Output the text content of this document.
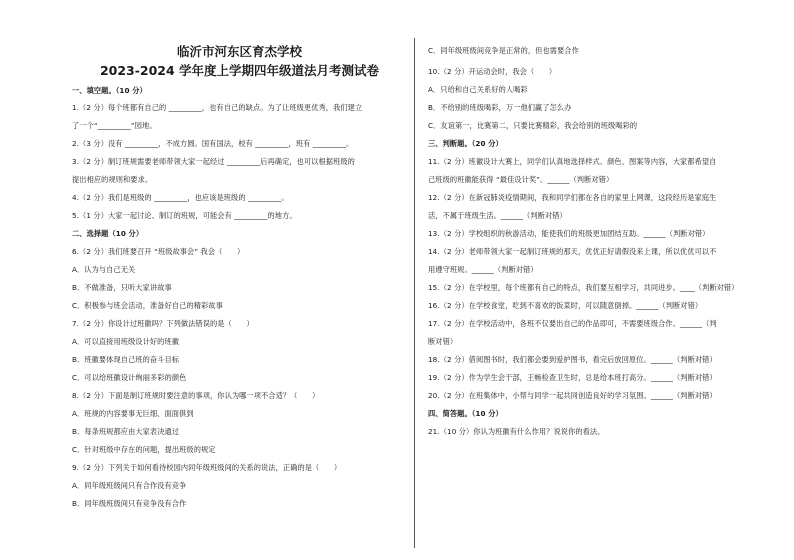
临沂市河东区育杰学校
2023-2024 学年度上学期四年级道法月考测试卷
一、填空题。（10 分）
1.（2 分）每个班都有自己的 _________，也有自己的缺点。为了让班级更优秀，我们建立
了一个“_________”园地。
2.（3 分）没有 _________，不成方圆。国有国法，校有 _________，班有 _________。
3.（2 分）制订班规需要老师带领大家一起经过 _________后再确定，也可以根据班级的
提出相应的规则和要求。
4.（2 分）我们是班级的 _________，也应该是班级的 _________。
5.（1 分）大家一起讨论、制订的班规，可能会有 _________的地方。
二、选择题（10 分）
6.（2 分）我们班要召开 “班级故事会” 我会（　　）
A．认为与自己无关
B．不做准备，只听大家讲故事
C．积极参与班会活动，准备好自己的精彩故事
7.（2 分）你设计过班徽吗？下列做法错误的是（　　）
A．可以直接用班级设计好的班徽
B．班徽要体现自己班的奋斗目标
C．可以给班徽设计绚丽多彩的颜色
8.（2 分）下面是制订班规时要注意的事项，你认为哪一项不合适？（　　）
A．班规的内容要事无巨细、面面俱到
B．每条班规都应由大家表决通过
C．针对班级中存在的问题，提出班级的规定
9.（2 分）下列关于如何看待校园内同年级班级间的关系的说法，正确的是（　　）
A．同年级班级间只有合作没有竞争
B．同年级班级间只有竞争没有合作
C．同年级班级间竞争是正常的，但也需要合作
10.（2 分）开运动会时，我会（　　）
A．只给和自己关系好的人喝彩
B．不给别的班级喝彩，万一他们赢了怎么办
C．友谊第一，比赛第二，只要比赛精彩，我会给别的班级喝彩的
三、判断题。（20 分）
11.（2 分）班徽设计大赛上，同学们认真地选择样式、颜色、图案等内容，大家都希望自
己班级的班徽能获得 “最佳设计奖”。______（判断对错）
12.（2 分）在新冠肺炎疫情期间，我和同学们都在各自的家里上网课，这段经历是家庭生
活，不属于班级生活。______（判断对错）
13.（2 分）学校组织的秋游活动，能使我们的班级更加团结互助。______（判断对错）
14.（2 分）老师带领大家一起制订班规的那天，优优正好请假没来上课，所以优优可以不
用遵守班规。______（判断对错）
15.（2 分）在学校里，每个班都有自己的特点，我们要互相学习，共同进步。____（判断对错）
16.（2 分）在学校食堂，吃到不喜欢的饭菜时，可以随意倒掉。______（判断对错）
17.（2 分）在学校活动中，各班不仅要出自己的作品即可，不需要班级合作。______（判
断对错）
18.（2 分）借阅图书时，我们都会要到爱护图书，看完后放回原位。______（判断对错）
19.（2 分）作为学生会干部，王畅检查卫生时，总是给本班打高分。______（判断对错）
20.（2 分）在班集体中，小帮与同学一起共同创造良好的学习氛围。______（判断对错）
四、简答题。（10 分）
21.（10 分）你认为班徽有什么作用？说说你的看法。
